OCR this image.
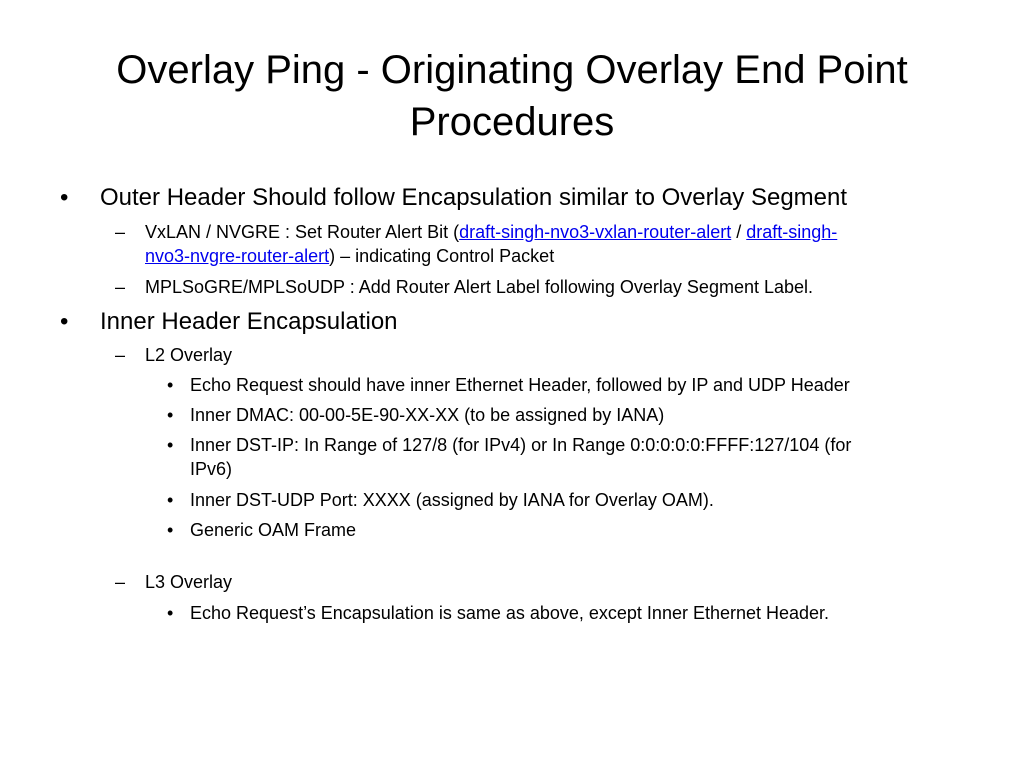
Overlay Ping - Originating Overlay End Point
Procedures
• Outer Header Should follow Encapsulation similar to Overlay Segment
– VxLAN / NVGRE : Set Router Alert Bit (draft-singh-nvo3-vxlan-router-alert / draft-singh-
nvo3-nvgre-router-alert) – indicating Control Packet
– MPLSoGRE/MPLSoUDP : Add Router Alert Label following Overlay Segment Label.
• Inner Header Encapsulation
– L2 Overlay
• Echo Request should have inner Ethernet Header, followed by IP and UDP Header
• Inner DMAC: 00-00-5E-90-XX-XX (to be assigned by IANA)
• Inner DST-IP: In Range of 127/8 (for IPv4) or In Range 0:0:0:0:0:FFFF:127/104 (for
IPv6)
• Inner DST-UDP Port: XXXX (assigned by IANA for Overlay OAM).
• Generic OAM Frame
– L3 Overlay
• Echo Request’s Encapsulation is same as above, except Inner Ethernet Header.
